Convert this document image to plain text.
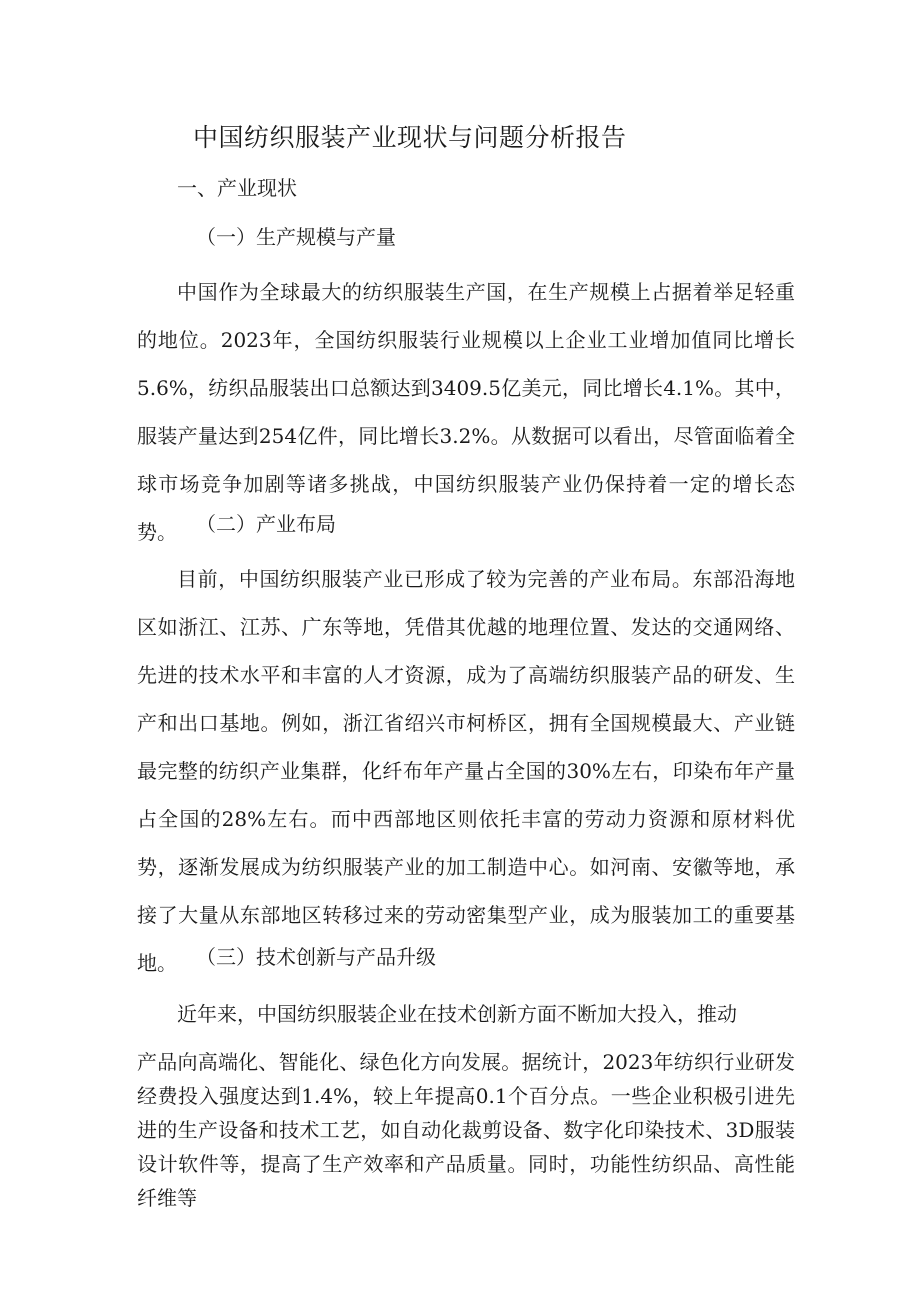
中国纺织服装产业现状与问题分析报告
一、产业现状
（一）生产规模与产量
中国作为全球最大的纺织服装生产国，在生产规模上占据着举足轻重的地位。2023年，全国纺织服装行业规模以上企业工业增加值同比增长5.6%，纺织品服装出口总额达到3409.5亿美元，同比增长4.1%。其中，服装产量达到254亿件，同比增长3.2%。从数据可以看出，尽管面临着全球市场竞争加剧等诸多挑战，中国纺织服装产业仍保持着一定的增长态势。 （二）产业布局
目前，中国纺织服装产业已形成了较为完善的产业布局。东部沿海地区如浙江、江苏、广东等地，凭借其优越的地理位置、发达的交通网络、先进的技术水平和丰富的人才资源，成为了高端纺织服装产品的研发、生产和出口基地。例如，浙江省绍兴市柯桥区，拥有全国规模最大、产业链最完整的纺织产业集群，化纤布年产量占全国的30%左右，印染布年产量占全国的28%左右。而中西部地区则依托丰富的劳动力资源和原材料优势，逐渐发展成为纺织服装产业的加工制造中心。如河南、安徽等地，承接了大量从东部地区转移过来的劳动密集型产业，成为服装加工的重要基地。 （三）技术创新与产品升级
近年来，中国纺织服装企业在技术创新方面不断加大投入，推动
产品向高端化、智能化、绿色化方向发展。据统计，2023年纺织行业研发经费投入强度达到1.4%，较上年提高0.1个百分点。一些企业积极引进先进的生产设备和技术工艺，如自动化裁剪设备、数字化印染技术、3D服装设计软件等，提高了生产效率和产品质量。同时，功能性纺织品、高性能纤维等
